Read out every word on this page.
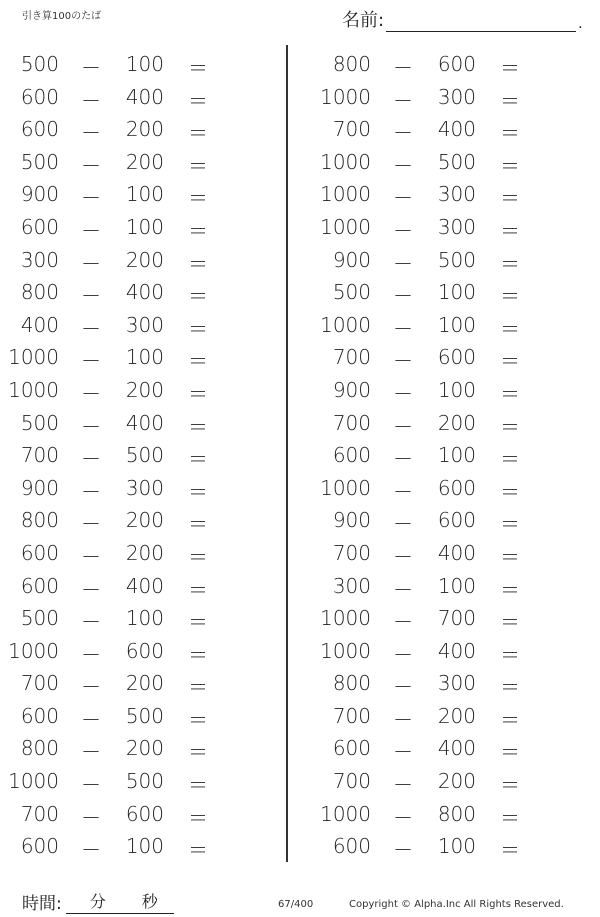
引き算100のたば	名前:	.
500 － 100 ＝
600 － 400 ＝
600 － 200 ＝
500 － 200 ＝
900 － 100 ＝
600 － 100 ＝
300 － 200 ＝
800 － 400 ＝
400 － 300 ＝
1000 － 100 ＝
1000 － 200 ＝
500 － 400 ＝
700 － 500 ＝
900 － 300 ＝
800 － 200 ＝
600 － 200 ＝
600 － 400 ＝
500 － 100 ＝
1000 － 600 ＝
700 － 200 ＝
600 － 500 ＝
800 － 200 ＝
1000 － 500 ＝
700 － 600 ＝
600 － 100 ＝
800 － 600 ＝
1000 － 300 ＝
700 － 400 ＝
1000 － 500 ＝
1000 － 300 ＝
1000 － 300 ＝
900 － 500 ＝
500 － 100 ＝
1000 － 100 ＝
700 － 600 ＝
900 － 100 ＝
700 － 200 ＝
600 － 100 ＝
1000 － 600 ＝
900 － 600 ＝
700 － 400 ＝
300 － 100 ＝
1000 － 700 ＝
1000 － 400 ＝
800 － 300 ＝
700 － 200 ＝
600 － 400 ＝
700 － 200 ＝
1000 － 800 ＝
600 － 100 ＝
時間: 分 秒	67/400	Copyright © Alpha.Inc All Rights Reserved.
